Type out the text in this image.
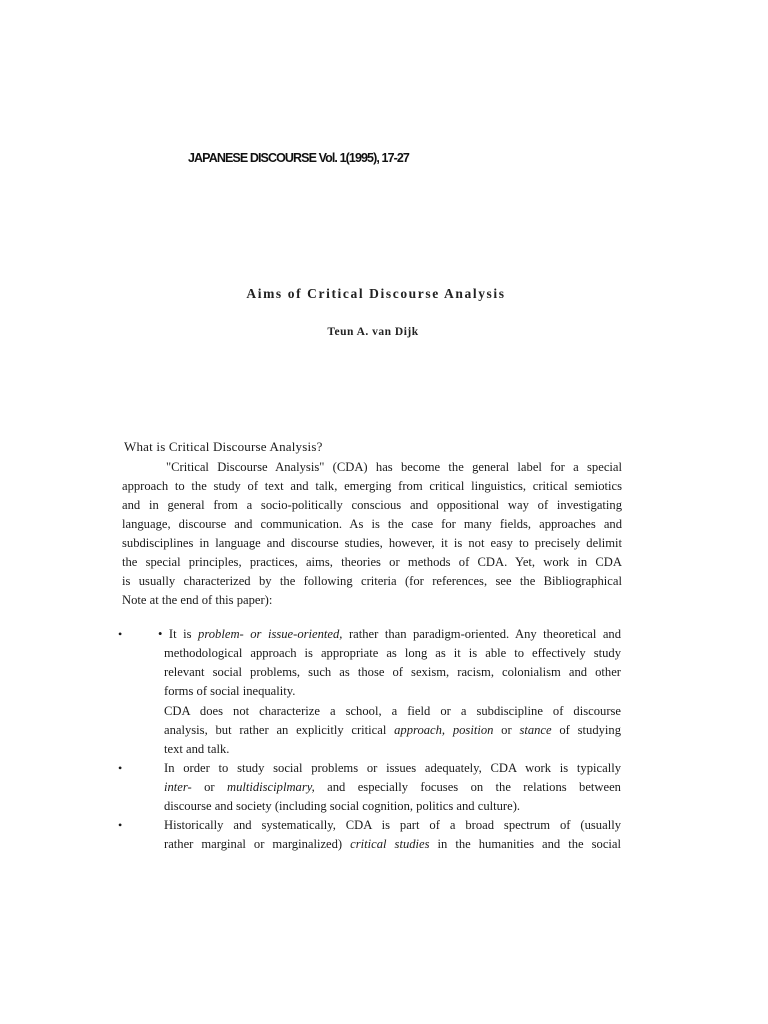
JAPANESE DISCOURSE Vol. 1(1995), 17-27
Aims of Critical Discourse Analysis
Teun A. van Dijk
What is Critical Discourse Analysis?
"Critical Discourse Analysis" (CDA) has become the general label for a special
approach to the study of text and talk, emerging from critical linguistics, critical semiotics
and in general from a socio-politically conscious and oppositional way of investigating
language, discourse and communication. As is the case for many fields, approaches and
subdisciplines in language and discourse studies, however, it is not easy to precisely delimit
the special principles, practices, aims, theories or methods of CDA. Yet, work in CDA
is usually characterized by the following criteria (for references, see the Bibliographical
Note at the end of this paper):
•	• It is problem- or issue-oriented, rather than paradigm-oriented. Any theoretical and
methodological approach is appropriate as long as it is able to effectively study
relevant social problems, such as those of sexism, racism, colonialism and other
forms of social inequality.
CDA does not characterize a school, a field or a subdiscipline of discourse
analysis, but rather an explicitly critical approach, position or stance of studying
text and talk.
•	In order to study social problems or issues adequately, CDA work is typically
inter- or multidisciplmary, and especially focuses on the relations between
discourse and society (including social cognition, politics and culture).
•	Historically and systematically, CDA is part of a broad spectrum of (usually
rather marginal or marginalized) critical studies in the humanities and the social
